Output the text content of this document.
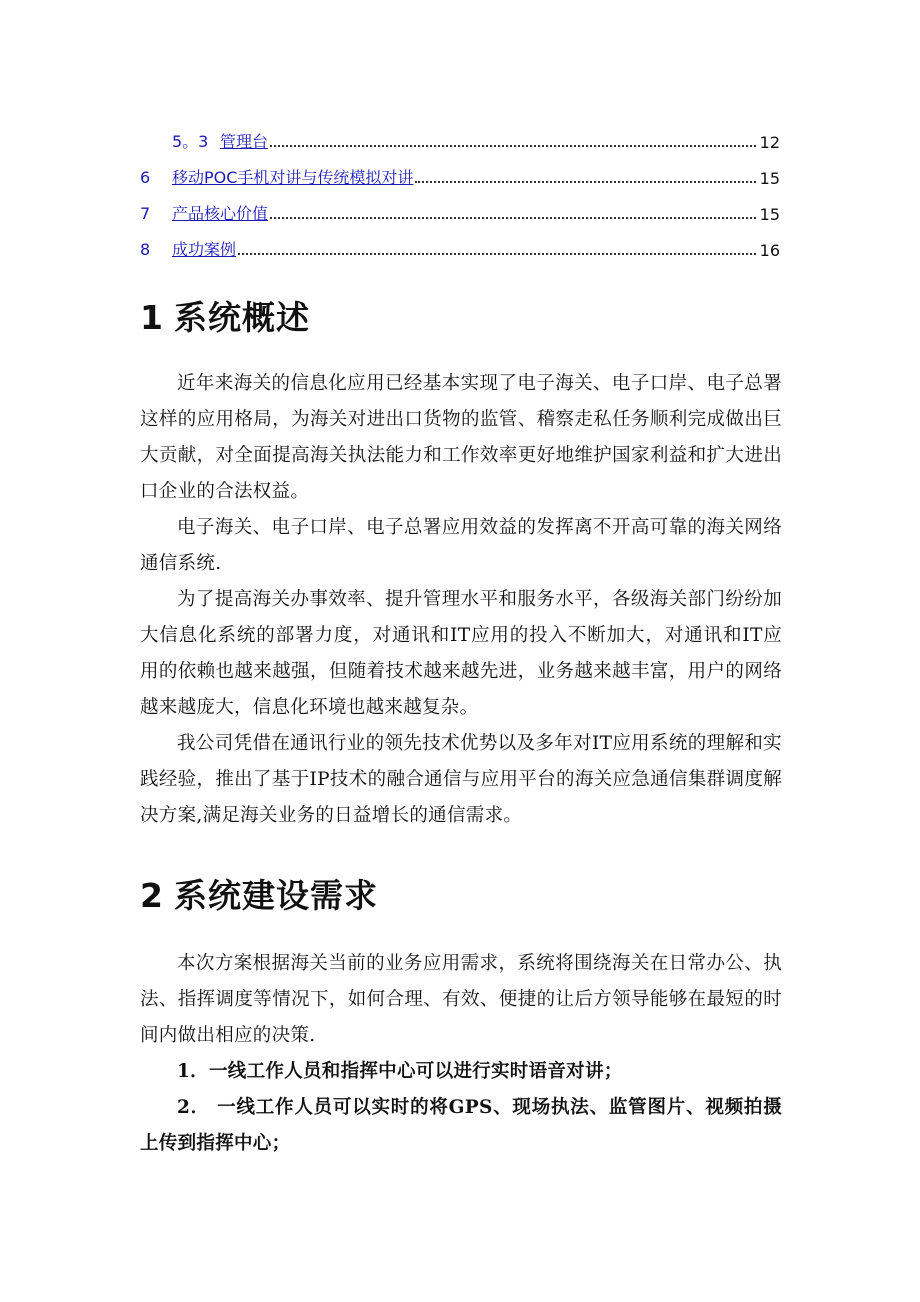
5。3 管理台	12
6 移动POC手机对讲与传统模拟对讲	15
7 产品核心价值	15
8 成功案例	16
1 系统概述

近年来海关的信息化应用已经基本实现了电子海关、电子口岸、电子总署这样的应用格局，为海关对进出口货物的监管、稽察走私任务顺利完成做出巨大贡献，对全面提高海关执法能力和工作效率更好地维护国家利益和扩大进出口企业的合法权益。

电子海关、电子口岸、电子总署应用效益的发挥离不开高可靠的海关网络通信系统.

为了提高海关办事效率、提升管理水平和服务水平，各级海关部门纷纷加大信息化系统的部署力度，对通讯和IT应用的投入不断加大，对通讯和IT应用的依赖也越来越强，但随着技术越来越先进，业务越来越丰富，用户的网络越来越庞大，信息化环境也越来越复杂。

我公司凭借在通讯行业的领先技术优势以及多年对IT应用系统的理解和实践经验，推出了基于IP技术的融合通信与应用平台的海关应急通信集群调度解决方案,满足海关业务的日益增长的通信需求。

2 系统建设需求

本次方案根据海关当前的业务应用需求，系统将围绕海关在日常办公、执法、指挥调度等情况下，如何合理、有效、便捷的让后方领导能够在最短的时间内做出相应的决策.

1．一线工作人员和指挥中心可以进行实时语音对讲；

2． 一线工作人员可以实时的将GPS、现场执法、监管图片、视频拍摄上传到指挥中心；
